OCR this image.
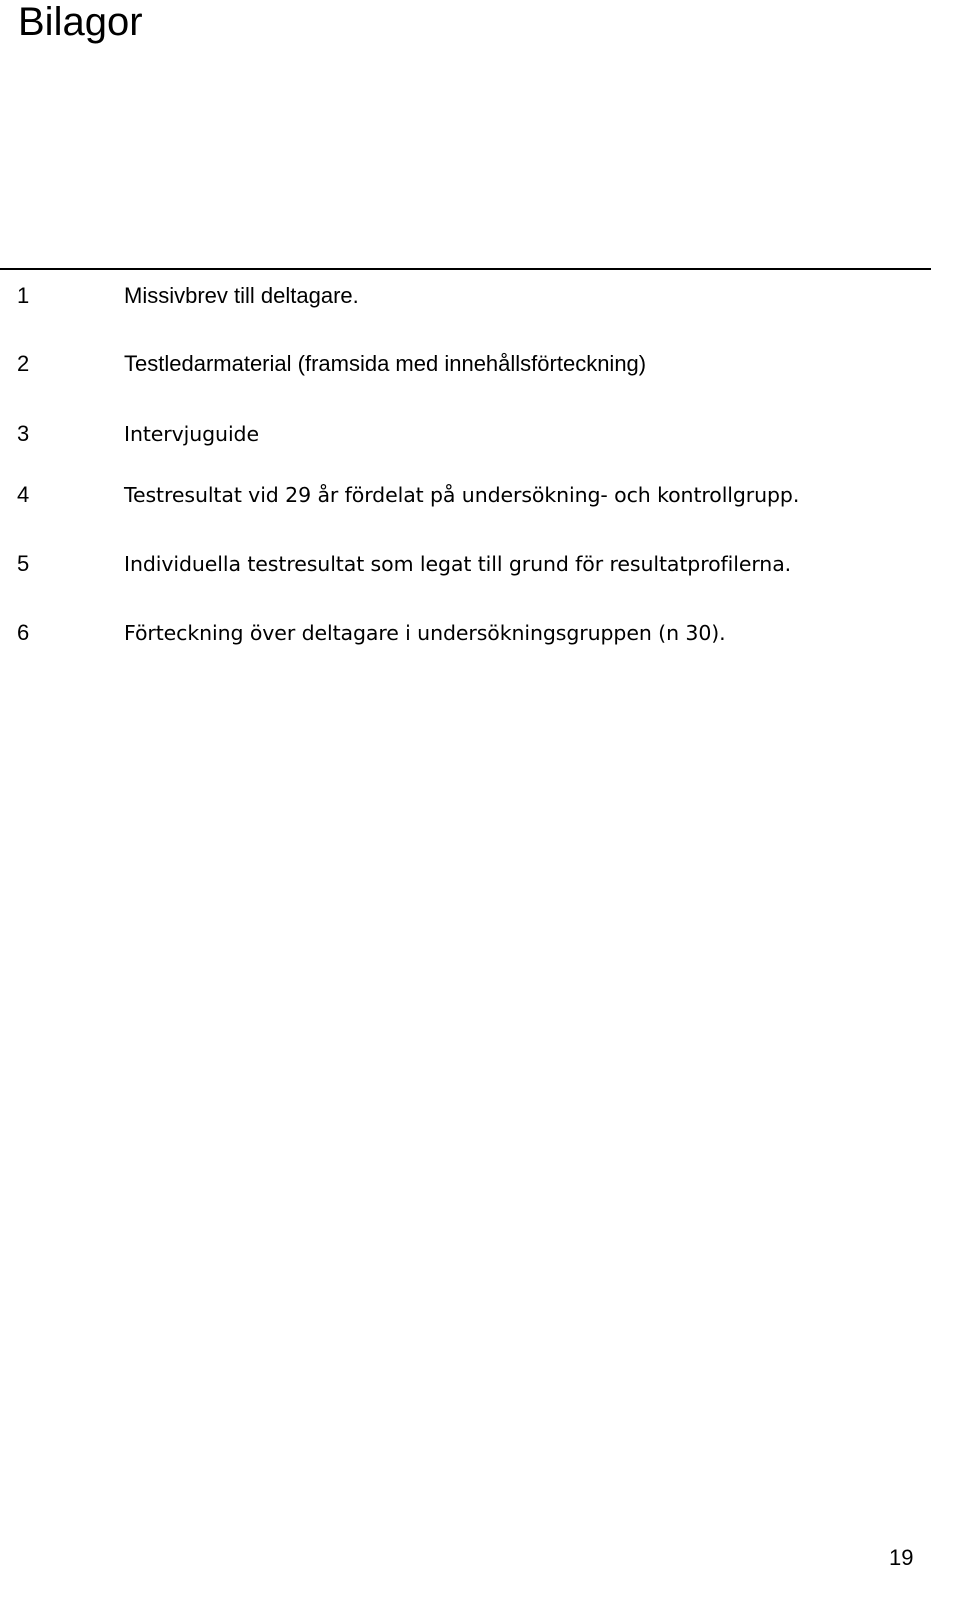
Bilagor
1	Missivbrev till deltagare.
2	Testledarmaterial (framsida med innehållsförteckning)
3	Intervjuguide
4	Testresultat vid 29 år fördelat på undersökning- och kontrollgrupp.
5	Individuella testresultat som legat till grund för resultatprofilerna.
6	Förteckning över deltagare i undersökningsgruppen (n 30).
19
